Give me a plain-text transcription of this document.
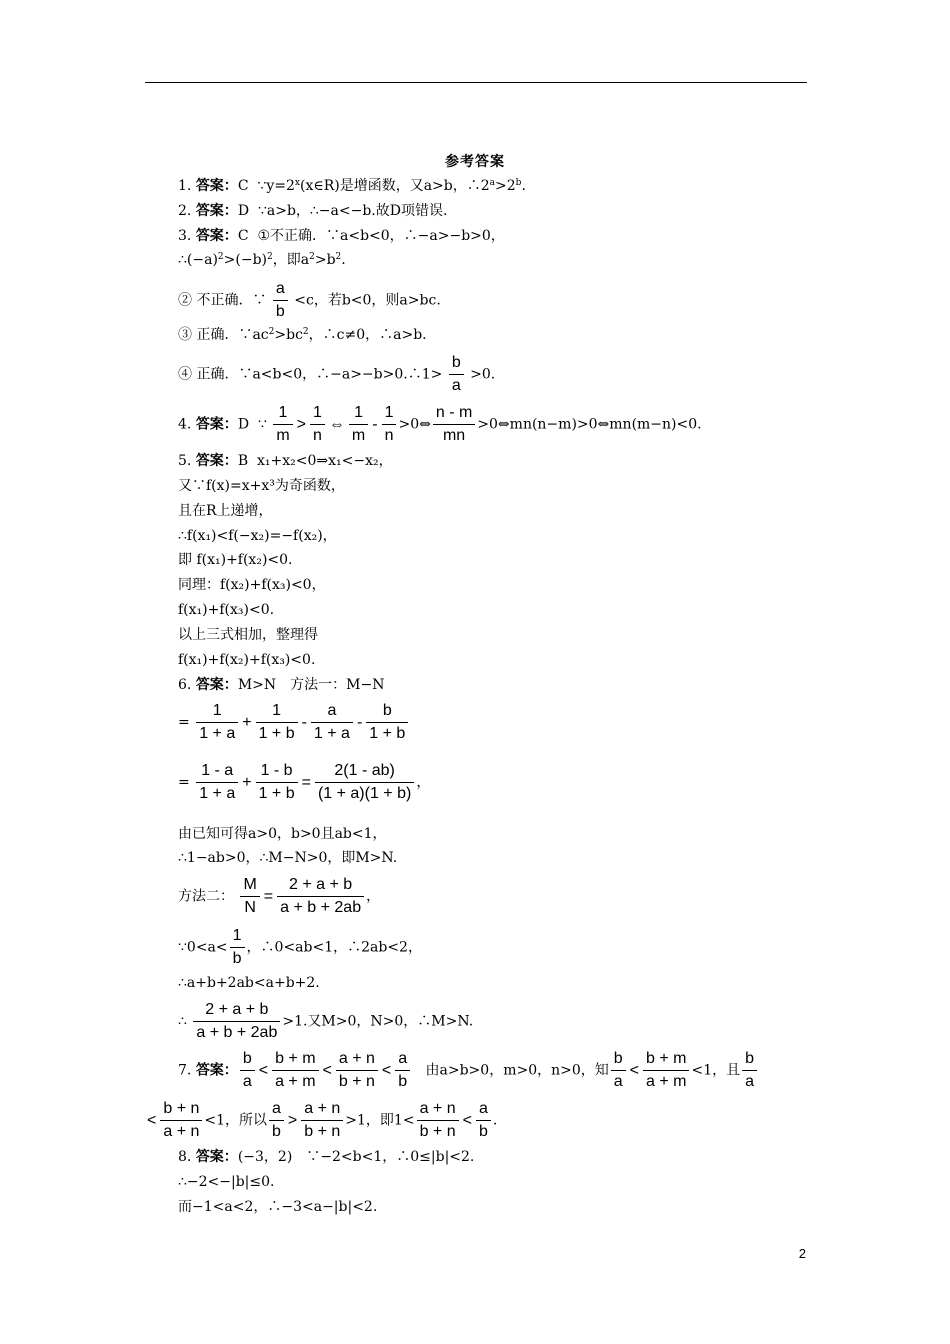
参考答案
1. 答案：C $\because y=2^x(x\in R)$是增函数，又a>b，$\therefore 2^a>2^b$.
2. 答案：D ∵a>b，∴−a<−b.故D项错误.
3. 答案：C ①不正确．∵a<b<0，∴−a>−b>0，
$\therefore(-a)^2>(-b)^2$，即$a^2>b^2$.
② 不正确．∵ $\frac{a}{b} <c$，若b<0，则a>bc.
③ 正确．$\because ac^2>bc^2$，∴c≠0，∴a>b.
④ 正确．∵a<b<0，∴−a>−b>0.∴1> $\frac{b}{a} >0$.
4. 答案：D ∵ $\frac{1}{m} > \frac{1}{n}$ ⇔ $\frac{1}{m} - \frac{1}{n}$ >0⇔ $\frac{n - m}{mn}$ >0⇔mn(n−m)>0⇔mn(m−n)<0.
5. 答案：B x₁+x₂<0⇒x₁<−x₂，
又∵f(x)=x+x³为奇函数，
且在R上递增，
∴f(x₁)<f(−x₂)=−f(x₂)，
即 f(x₁)+f(x₂)<0.
同理：f(x₂)+f(x₃)<0，
f(x₁)+f(x₃)<0.
以上三式相加，整理得
f(x₁)+f(x₂)+f(x₃)<0.
6. 答案：M>N　方法一：M−N
= $\frac{1}{1 + a} + \frac{1}{1 + b} - \frac{a}{1 + a} - \frac{b}{1 + b}$
= $\frac{1 - a}{1 + a} + \frac{1 - b}{1 + b} = \frac{2(1 - ab)}{(1 + a)(1 + b)}$ ，
由已知可得a>0，b>0且ab<1，
∴1−ab>0，∴M−N>0，即M>N.
方法二： $\frac{M}{N} = \frac{2 + a + b}{a + b + 2ab}$ ，
∵0<a< $\frac{1}{b}$ ，∴0<ab<1，∴2ab<2，
∴a+b+2ab<a+b+2.
∴ $\frac{2 + a + b}{a + b + 2ab} >1$.又M>0，N>0，∴M>N.
7. 答案： $\frac{b}{a} < \frac{b + m}{a + m} < \frac{a + n}{b + n} < \frac{a}{b}$ 由a>b>0，m>0，n>0，知 $\frac{b}{a} < \frac{b + m}{a + m} <1$，且 $\frac{b}{a}$
< $\frac{b + n}{a + n} <1$，所以 $\frac{a}{b} > \frac{a + n}{b + n} >1$，即$1< \frac{a + n}{b + n} < \frac{a}{b}$ .
8. 答案：(−3，2)　∵−2<b<1，∴0≤|b|<2.
∴−2<−|b|≤0.
而−1<a<2，∴−3<a−|b|<2.
2
